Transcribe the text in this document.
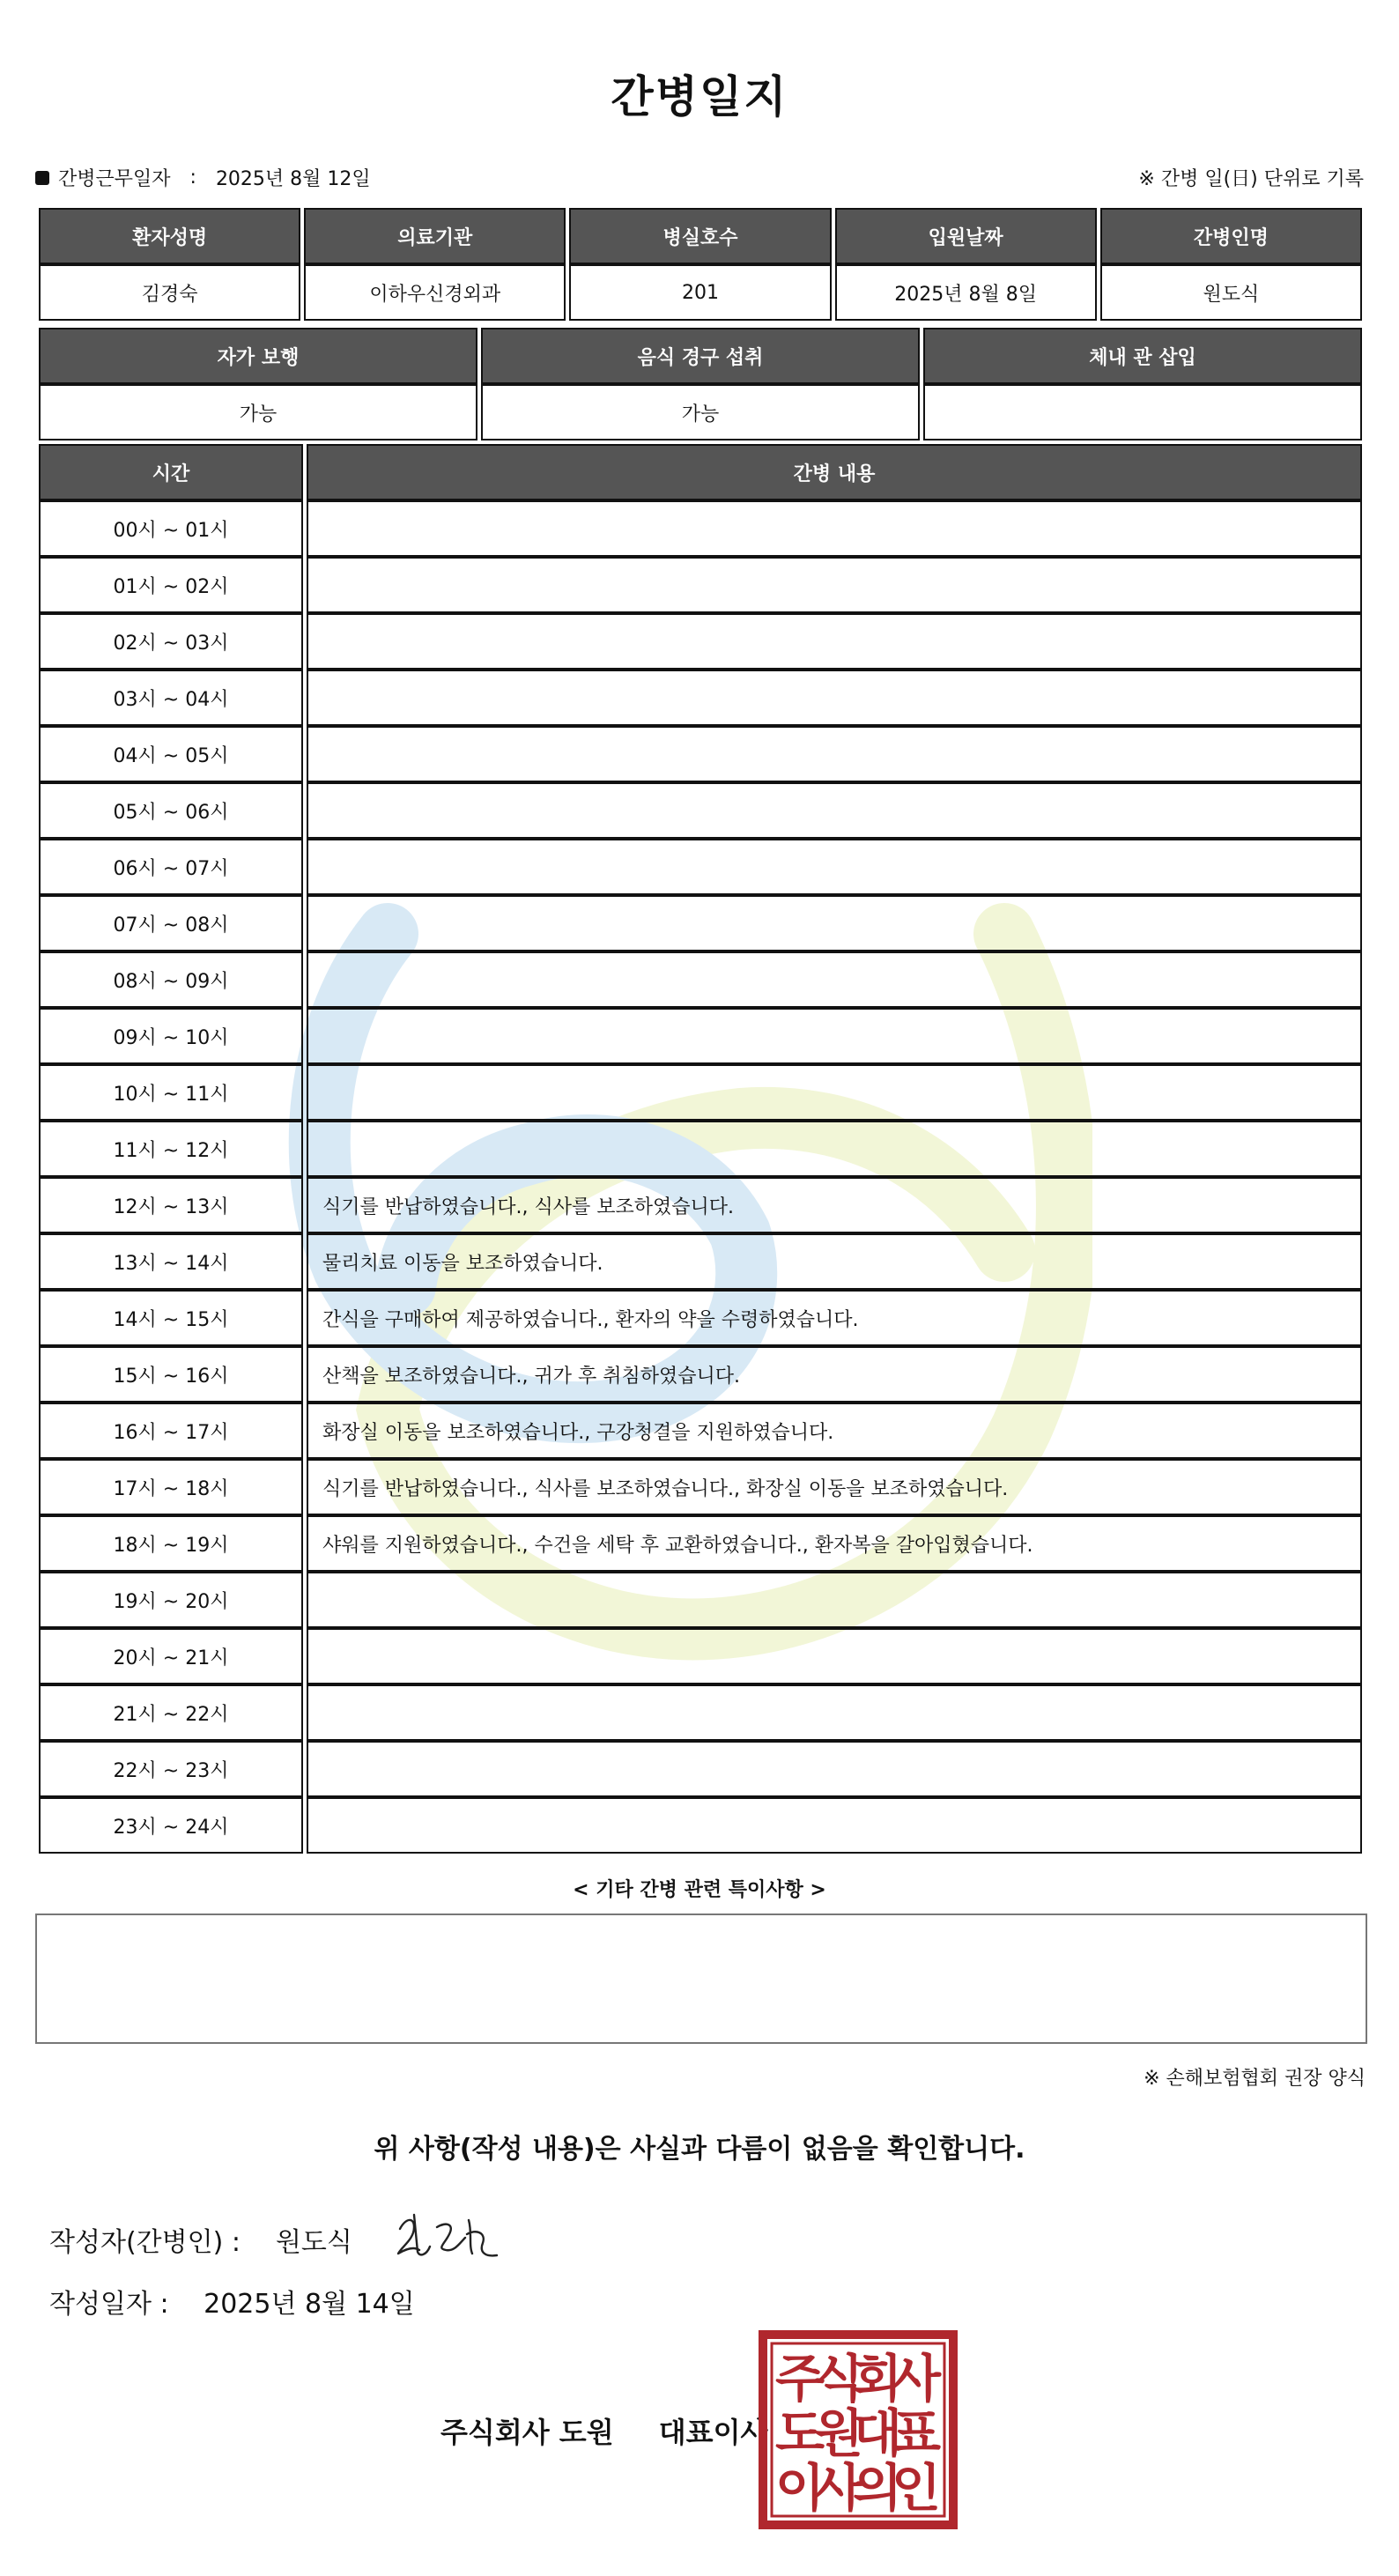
간병일지
간병근무일자 : 2025년 8월 12일	※ 간병 일(日) 단위로 기록
환자성명	의료기관	병실호수	입원날짜	간병인명
김경숙	이하우신경외과	201	2025년 8월 8일	원도식
자가 보행	음식 경구 섭취	체내 관 삽입
가능	가능	
시간	간병 내용
00시 ~ 01시	
01시 ~ 02시	
02시 ~ 03시	
03시 ~ 04시	
04시 ~ 05시	
05시 ~ 06시	
06시 ~ 07시	
07시 ~ 08시	
08시 ~ 09시	
09시 ~ 10시	
10시 ~ 11시	
11시 ~ 12시	
12시 ~ 13시	식기를 반납하였습니다., 식사를 보조하였습니다.
13시 ~ 14시	물리치료 이동을 보조하였습니다.
14시 ~ 15시	간식을 구매하여 제공하였습니다., 환자의 약을 수령하였습니다.
15시 ~ 16시	산책을 보조하였습니다., 귀가 후 취침하였습니다.
16시 ~ 17시	화장실 이동을 보조하였습니다., 구강청결을 지원하였습니다.
17시 ~ 18시	식기를 반납하였습니다., 식사를 보조하였습니다., 화장실 이동을 보조하였습니다.
18시 ~ 19시	샤워를 지원하였습니다., 수건을 세탁 후 교환하였습니다., 환자복을 갈아입혔습니다.
19시 ~ 20시	
20시 ~ 21시	
21시 ~ 22시	
22시 ~ 23시	
23시 ~ 24시	
< 기타 간병 관련 특이사항 >
※ 손해보험협회 권장 양식
위 사항(작성 내용)은 사실과 다름이 없음을 확인합니다.
작성자(간병인) : 원도식
작성일자 : 2025년 8월 14일
주식회사 도원 대표이사
주
식
회
사
도
원
대
표
이
사
의
인
